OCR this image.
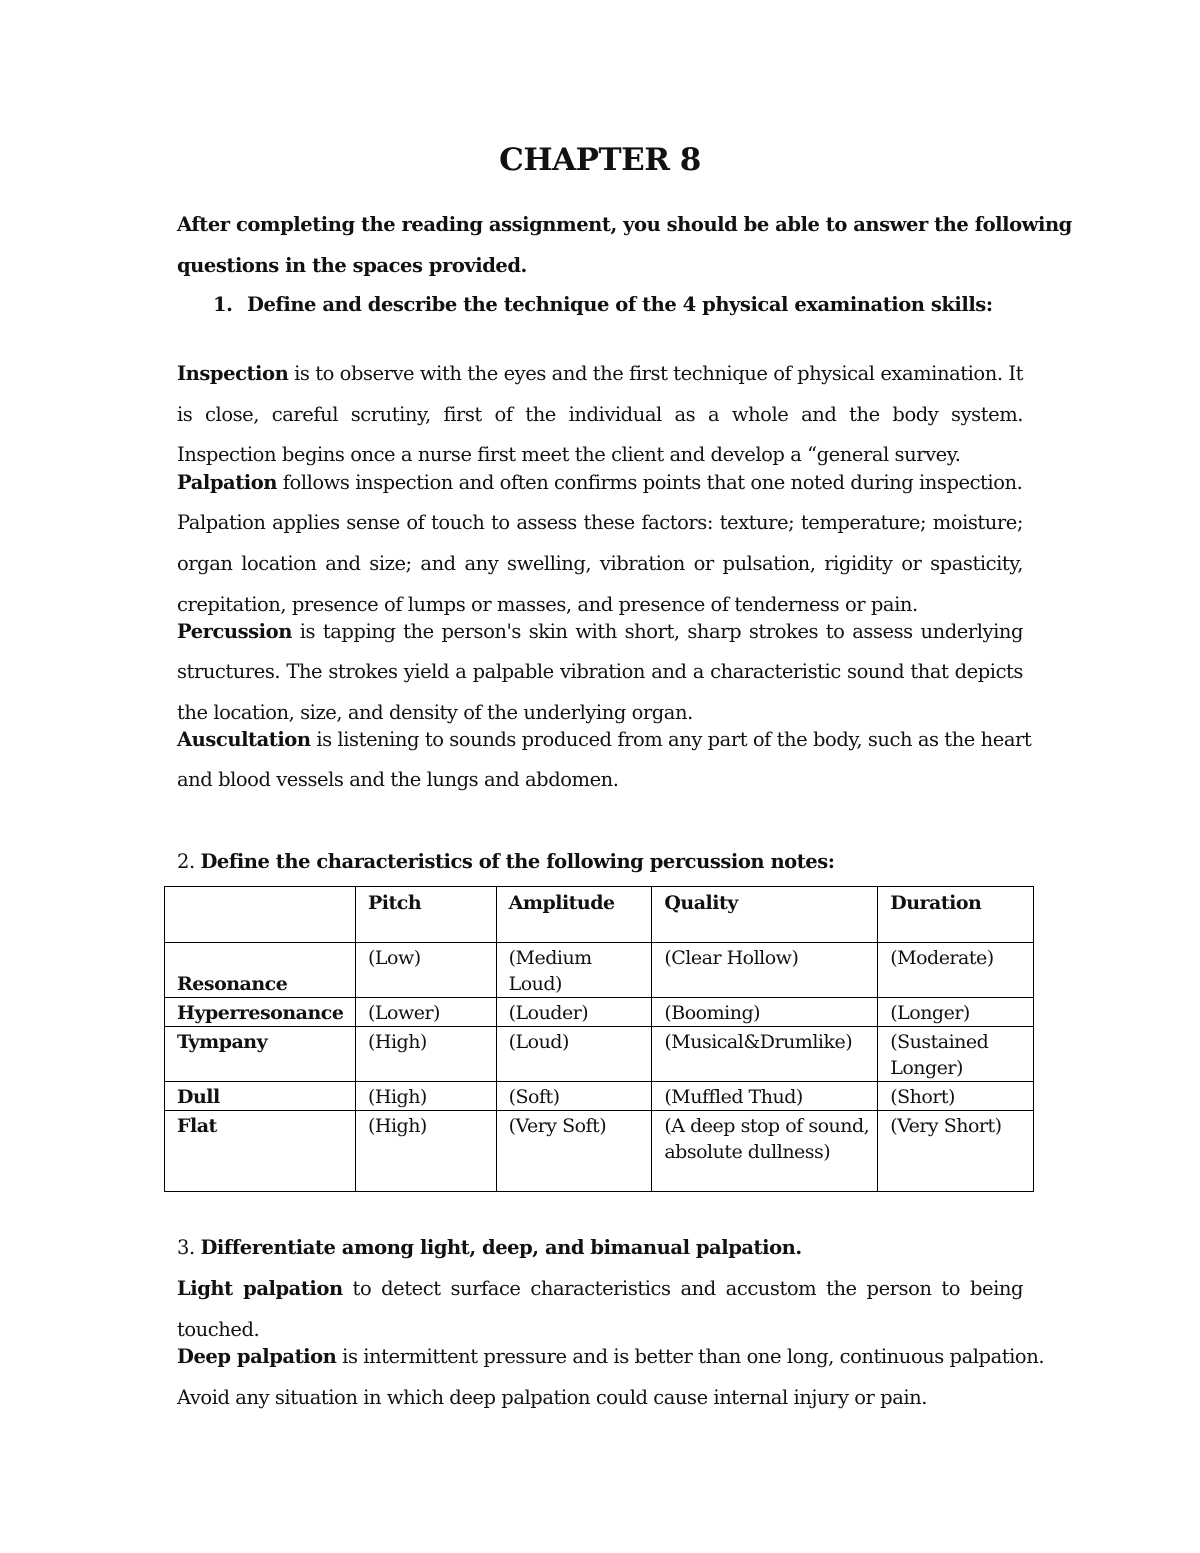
CHAPTER 8
After completing the reading assignment, you should be able to answer the following
questions in the spaces provided.
1. Define and describe the technique of the 4 physical examination skills:
Inspection is to observe with the eyes and the first technique of physical examination. It
is close, careful scrutiny, first of the individual as a whole and the body system.
Inspection begins once a nurse first meet the client and develop a “general survey.
Palpation follows inspection and often confirms points that one noted during inspection.
Palpation applies sense of touch to assess these factors: texture; temperature; moisture;
organ location and size; and any swelling, vibration or pulsation, rigidity or spasticity,
crepitation, presence of lumps or masses, and presence of tenderness or pain.
Percussion is tapping the person's skin with short, sharp strokes to assess underlying
structures. The strokes yield a palpable vibration and a characteristic sound that depicts
the location, size, and density of the underlying organ.
Auscultation is listening to sounds produced from any part of the body, such as the heart
and blood vessels and the lungs and abdomen.
2. Define the characteristics of the following percussion notes:
	Pitch	Amplitude	Quality	Duration
Resonance	(Low)	(Medium Loud)	(Clear Hollow)	(Moderate)
Hyperresonance	(Lower)	(Louder)	(Booming)	(Longer)
Tympany	(High)	(Loud)	(Musical&Drumlike)	(Sustained Longer)
Dull	(High)	(Soft)	(Muffled Thud)	(Short)
Flat	(High)	(Very Soft)	(A deep stop of sound, absolute dullness)	(Very Short)
3. Differentiate among light, deep, and bimanual palpation.
Light palpation to detect surface characteristics and accustom the person to being
touched.
Deep palpation is intermittent pressure and is better than one long, continuous palpation.
Avoid any situation in which deep palpation could cause internal injury or pain.
